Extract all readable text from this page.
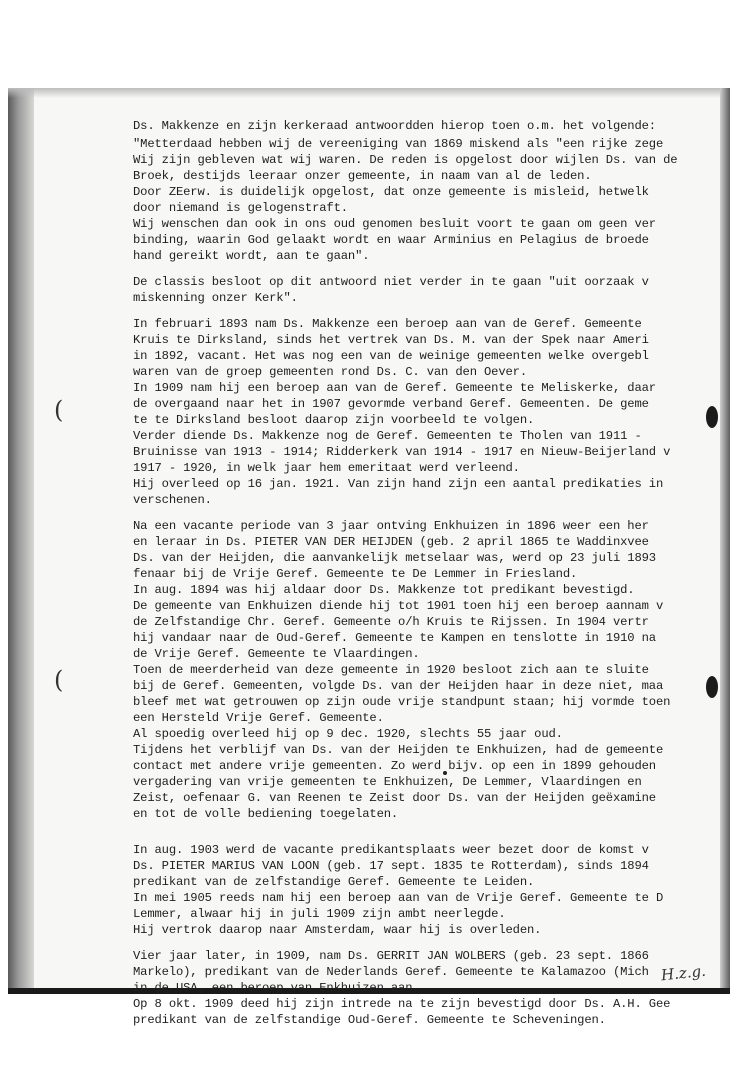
(
(

Ds. Makkenze en zijn kerkeraad antwoordden hierop toen o.m. het volgende:

"Metterdaad hebben wij de vereeniging van 1869 miskend als "een rijke zege
Wij zijn gebleven wat wij waren. De reden is opgelost door wijlen Ds. van de
Broek, destijds leeraar onzer gemeente, in naam van al de leden.
Door ZEerw. is duidelijk opgelost, dat onze gemeente is misleid, hetwelk
door niemand is gelogenstraft.
Wij wenschen dan ook in ons oud genomen besluit voort te gaan om geen ver
binding, waarin God gelaakt wordt en waar Arminius en Pelagius de broede
hand gereikt wordt, aan te gaan".

De classis besloot op dit antwoord niet verder in te gaan "uit oorzaak v
miskenning onzer Kerk".

In februari 1893 nam Ds. Makkenze een beroep aan van de Geref. Gemeente
Kruis te Dirksland, sinds het vertrek van Ds. M. van der Spek naar Ameri
in 1892, vacant. Het was nog een van de weinige gemeenten welke overgebl
waren van de groep gemeenten rond Ds. C. van den Oever.
In 1909 nam hij een beroep aan van de Geref. Gemeente te Meliskerke, daar
de overgaand naar het in 1907 gevormde verband Geref. Gemeenten. De geme
te te Dirksland besloot daarop zijn voorbeeld te volgen.
Verder diende Ds. Makkenze nog de Geref. Gemeenten te Tholen van 1911 -
Bruinisse van 1913 - 1914; Ridderkerk van 1914 - 1917 en Nieuw-Beijerland v
1917 - 1920, in welk jaar hem emeritaat werd verleend.
Hij overleed op 16 jan. 1921. Van zijn hand zijn een aantal predikaties in
verschenen.

Na een vacante periode van 3 jaar ontving Enkhuizen in 1896 weer een her
en leraar in Ds. PIETER VAN DER HEIJDEN (geb. 2 april 1865 te Waddinxvee
Ds. van der Heijden, die aanvankelijk metselaar was, werd op 23 juli 1893
fenaar bij de Vrije Geref. Gemeente te De Lemmer in Friesland.
In aug. 1894 was hij aldaar door Ds. Makkenze tot predikant bevestigd.
De gemeente van Enkhuizen diende hij tot 1901 toen hij een beroep aannam v
de Zelfstandige Chr. Geref. Gemeente o/h Kruis te Rijssen. In 1904 vertr
hij vandaar naar de Oud-Geref. Gemeente te Kampen en tenslotte in 1910 na
de Vrije Geref. Gemeente te Vlaardingen.
Toen de meerderheid van deze gemeente in 1920 besloot zich aan te sluite
bij de Geref. Gemeenten, volgde Ds. van der Heijden haar in deze niet, maa
bleef met wat getrouwen op zijn oude vrije standpunt staan; hij vormde toen
een Hersteld Vrije Geref. Gemeente.
Al spoedig overleed hij op 9 dec. 1920, slechts 55 jaar oud.
Tijdens het verblijf van Ds. van der Heijden te Enkhuizen, had de gemeente
contact met andere vrije gemeenten. Zo werd bijv. op een in 1899 gehouden
vergadering van vrije gemeenten te Enkhuizen, De Lemmer, Vlaardingen en
Zeist, oefenaar G. van Reenen te Zeist door Ds. van der Heijden geëxamine
en tot de volle bediening toegelaten.

In aug. 1903 werd de vacante predikantsplaats weer bezet door de komst v
Ds. PIETER MARIUS VAN LOON (geb. 17 sept. 1835 te Rotterdam), sinds 1894
predikant van de zelfstandige Geref. Gemeente te Leiden.
In mei 1905 reeds nam hij een beroep aan van de Vrije Geref. Gemeente te D
Lemmer, alwaar hij in juli 1909 zijn ambt neerlegde.
Hij vertrok daarop naar Amsterdam, waar hij is overleden.

Vier jaar later, in 1909, nam Ds. GERRIT JAN WOLBERS (geb. 23 sept. 1866
Markelo), predikant van de Nederlands Geref. Gemeente te Kalamazoo (Mich
in de USA, een beroep van Enkhuizen aan.
Op 8 okt. 1909 deed hij zijn intrede na te zijn bevestigd door Ds. A.H. Gee
predikant van de zelfstandige Oud-Geref. Gemeente te Scheveningen.

H.z.g.
